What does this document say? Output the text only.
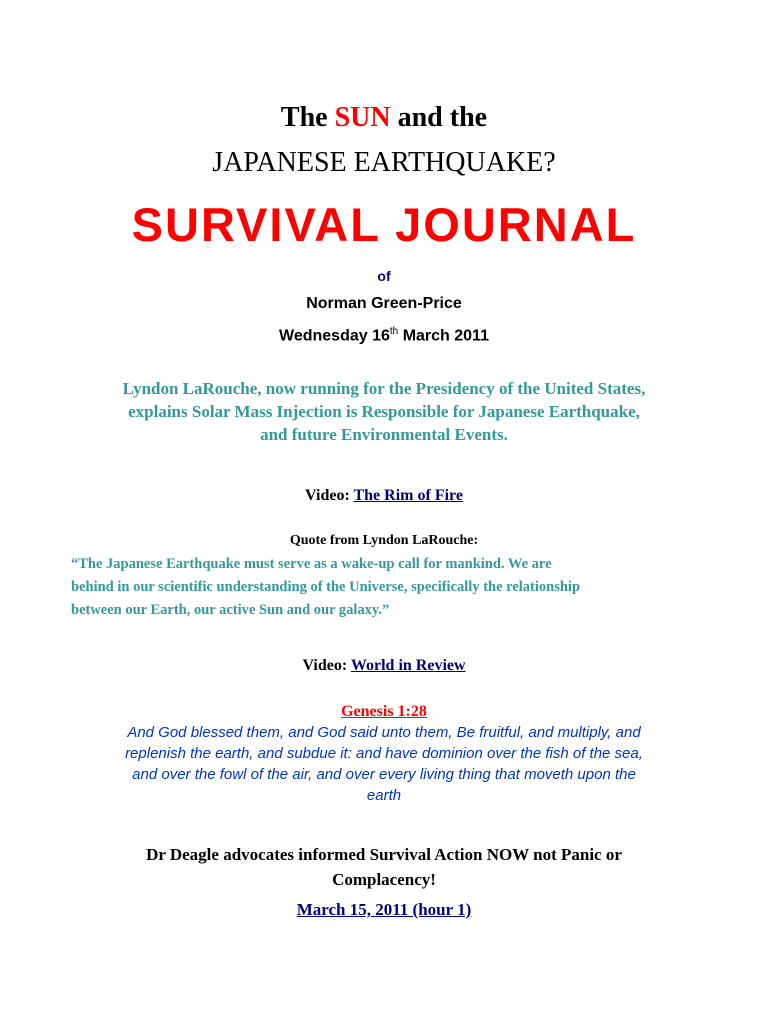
The SUN and the
JAPANESE EARTHQUAKE?
SURVIVAL JOURNAL
of
Norman Green-Price
Wednesday 16th March 2011
Lyndon LaRouche, now running for the Presidency of the United States,
explains Solar Mass Injection is Responsible for Japanese Earthquake,
and future Environmental Events.
Video: The Rim of Fire
Quote from Lyndon LaRouche:
“The Japanese Earthquake must serve as a wake-up call for mankind. We are
behind in our scientific understanding of the Universe, specifically the relationship
between our Earth, our active Sun and our galaxy.”
Video: World in Review
Genesis 1:28
And God blessed them, and God said unto them, Be fruitful, and multiply, and
replenish the earth, and subdue it: and have dominion over the fish of the sea,
and over the fowl of the air, and over every living thing that moveth upon the
earth
Dr Deagle advocates informed Survival Action NOW not Panic or
Complacency!
March 15, 2011 (hour 1)
